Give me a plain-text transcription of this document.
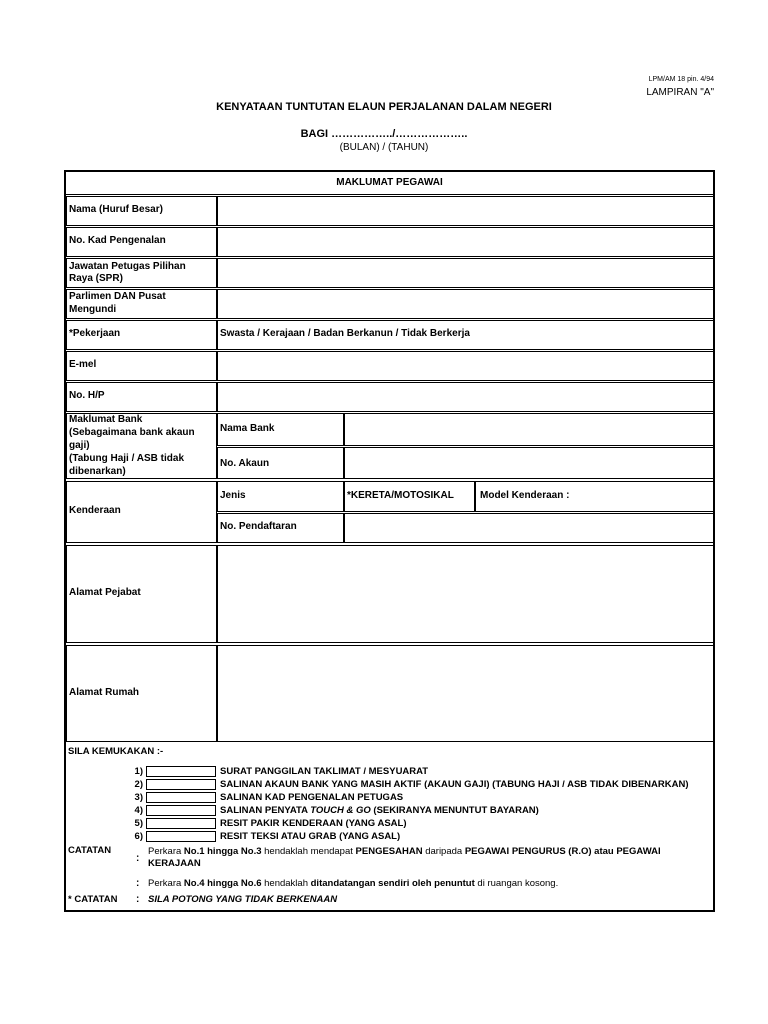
LPM/AM 18 pin. 4/94
LAMPIRAN "A"
KENYATAAN TUNTUTAN ELAUN PERJALANAN DALAM NEGERI
BAGI ……………../………………..
(BULAN) / (TAHUN)
MAKLUMAT PEGAWAI
Nama (Huruf Besar)
No. Kad Pengenalan
Jawatan Petugas Pilihan
Raya (SPR)
Parlimen DAN Pusat
Mengundi
*Pekerjaan	Swasta / Kerajaan / Badan Berkanun / Tidak Berkerja
E-mel
No. H/P
Maklumat Bank
(Sebagaimana bank akaun
gaji)
(Tabung Haji / ASB tidak
dibenarkan)
Nama Bank
No. Akaun
Kenderaan
Jenis	*KERETA/MOTOSIKAL	Model Kenderaan :
No. Pendaftaran
Alamat Pejabat
Alamat Rumah
SILA KEMUKAKAN :-
1)	SURAT PANGGILAN TAKLIMAT / MESYUARAT
2)	SALINAN AKAUN BANK YANG MASIH AKTIF (AKAUN GAJI) (TABUNG HAJI / ASB TIDAK DIBENARKAN)
3)	SALINAN KAD PENGENALAN PETUGAS
4)	SALINAN PENYATA TOUCH & GO (SEKIRANYA MENUNTUT BAYARAN)
5)	RESIT PAKIR KENDERAAN (YANG ASAL)
6)	RESIT TEKSI ATAU GRAB (YANG ASAL)
CATATAN
:
Perkara No.1 hingga No.3 hendaklah mendapat PENGESAHAN daripada PEGAWAI PENGURUS (R.O) atau PEGAWAI
KERAJAAN
: Perkara No.4 hingga No.6 hendaklah ditandatangan sendiri oleh penuntut di ruangan kosong.
* CATATAN : SILA POTONG YANG TIDAK BERKENAAN
